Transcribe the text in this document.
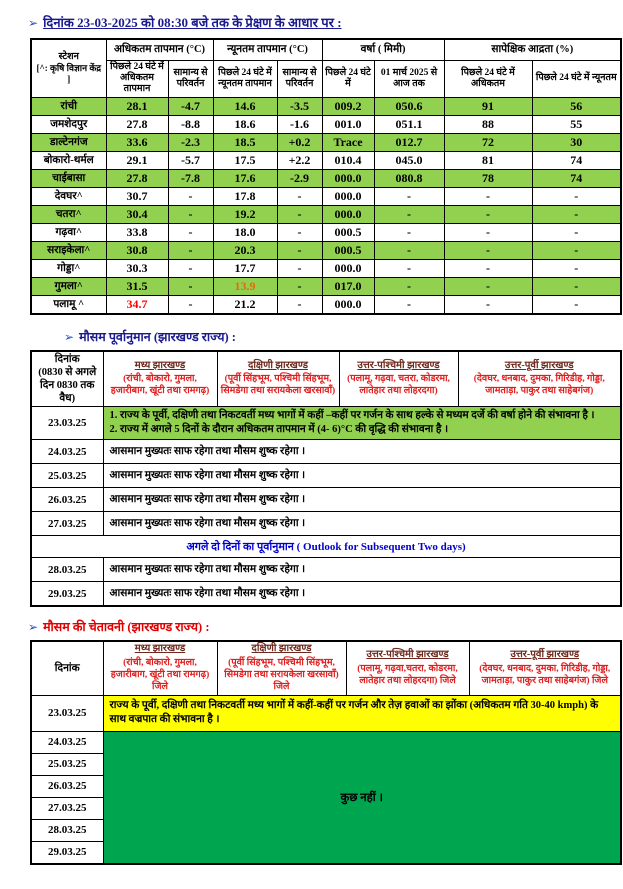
➢ दिनांक 23-03-2025 को 08:30 बजे तक के प्रेक्षण के आधार पर :
स्टेशन
[^: कृषि विज्ञान केंद्र ]	अधिकतम तापमान (°C)		न्यूनतम तापमान (°C)		वर्षा ( मिमी)		सापेक्षिक आद्रता (%)	
	पिछले 24 घंटे में अधिकतम तापमान	सामान्य से परिवर्तन	पिछले 24 घंटे में न्यूनतम तापमान	सामान्य से परिवर्तन	पिछले 24 घंटे में	01 मार्च 2025 से आज तक	पिछले 24 घंटे में अधिकतम	पिछले 24 घंटे में न्यूनतम
रांची	28.1	-4.7	14.6	-3.5	009.2	050.6	91	56
जमशेदपुर	27.8	-8.8	18.6	-1.6	001.0	051.1	88	55
डाल्टेनगंज	33.6	-2.3	18.5	+0.2	Trace	012.7	72	30
बोकारो-थर्मल	29.1	-5.7	17.5	+2.2	010.4	045.0	81	74
चाईबासा	27.8	-7.8	17.6	-2.9	000.0	080.8	78	74
देवघर^	30.7	-	17.8	-	000.0	-	-	-
चतरा^	30.4	-	19.2	-	000.0	-	-	-
गढ़वा^	33.8	-	18.0	-	000.5	-	-	-
सराइकेला^	30.8	-	20.3	-	000.5	-	-	-
गोड्डा^	30.3	-	17.7	-	000.0	-	-	-
गुमला^	31.5	-	13.9	-	017.0	-	-	-
पलामू ^	34.7	-	21.2	-	000.0	-	-	-
➢ मौसम पूर्वानुमान (झारखण्ड राज्य) :
दिनांक
(0830 से अगले दिन 0830 तक वैध)

मध्य झारखण्ड
(रांची, बोकारो, गुमला, हजारीबाग, खूंटी तथा रामगढ़)

दक्षिणी झारखण्ड
(पूर्वी सिंहभूम, पश्चिमी सिंहभूम, सिमडेगा तथा सरायकेला खरसावाँ)

उत्तर-पश्चिमी झारखण्ड
(पलामू, गढ़वा, चतरा, कोडरमा, लातेहार तथा लोहरदगा)

उत्तर-पूर्वी झारखण्ड
(देवघर, धनबाद, दुमका, गिरिडीह, गोड्डा, जामताड़ा, पाकुर तथा साहेबगंज)

23.03.25	1. राज्य के पूर्वी, दक्षिणी तथा निकटवर्ती मध्य भागों में कहीं –कहीं पर गर्जन के साथ हल्के से मध्यम दर्जे की वर्षा होने की संभावना है ।
2. राज्य में अगले 5 दिनों के दौरान अधिकतम तापमान में (4- 6)°C की वृद्धि की संभावना है ।			

24.03.25	आसमान मुख्यतः साफ रहेगा तथा मौसम शुष्क रहेगा ।			

25.03.25	आसमान मुख्यतः साफ रहेगा तथा मौसम शुष्क रहेगा ।			

26.03.25	आसमान मुख्यतः साफ रहेगा तथा मौसम शुष्क रहेगा ।			

27.03.25	आसमान मुख्यतः साफ रहेगा तथा मौसम शुष्क रहेगा ।			

अगले दो दिनों का पूर्वानुमान ( Outlook for Subsequent Two days)				
28.03.25	आसमान मुख्यतः साफ रहेगा तथा मौसम शुष्क रहेगा ।			

29.03.25	आसमान मुख्यतः साफ रहेगा तथा मौसम शुष्क रहेगा ।			
➢ मौसम की चेतावनी (झारखण्ड राज्य) :
दिनांक

मध्य झारखण्ड
(रांची, बोकारो, गुमला, हजारीबाग, खूंटी तथा रामगढ़) जिले

दक्षिणी झारखण्ड
(पूर्वी सिंहभूम, पश्चिमी सिंहभूम, सिमडेगा तथा सरायकेला खरसावाँ) जिले

उत्तर-पश्चिमी झारखण्ड
(पलामू, गढ़वा,चतरा, कोडरमा, लातेहार तथा लोहरदगा) जिले

उत्तर-पूर्वी झारखण्ड
(देवघर, धनबाद, दुमका, गिरिडीह, गोड्डा, जामताड़ा, पाकुर तथा साहेबगंज) जिले

23.03.25	राज्य के पूर्वी, दक्षिणी तथा निकटवर्ती मध्य भागों में कहीं-कहीं पर गर्जन और तेज़ हवाओं का झोंका (अधिकतम गति 30-40 kmph) के साथ वज्रपात की संभावना है ।			
24.03.25	कुछ नहीं ।			
25.03.25				
26.03.25				
27.03.25				
28.03.25				
29.03.25				
